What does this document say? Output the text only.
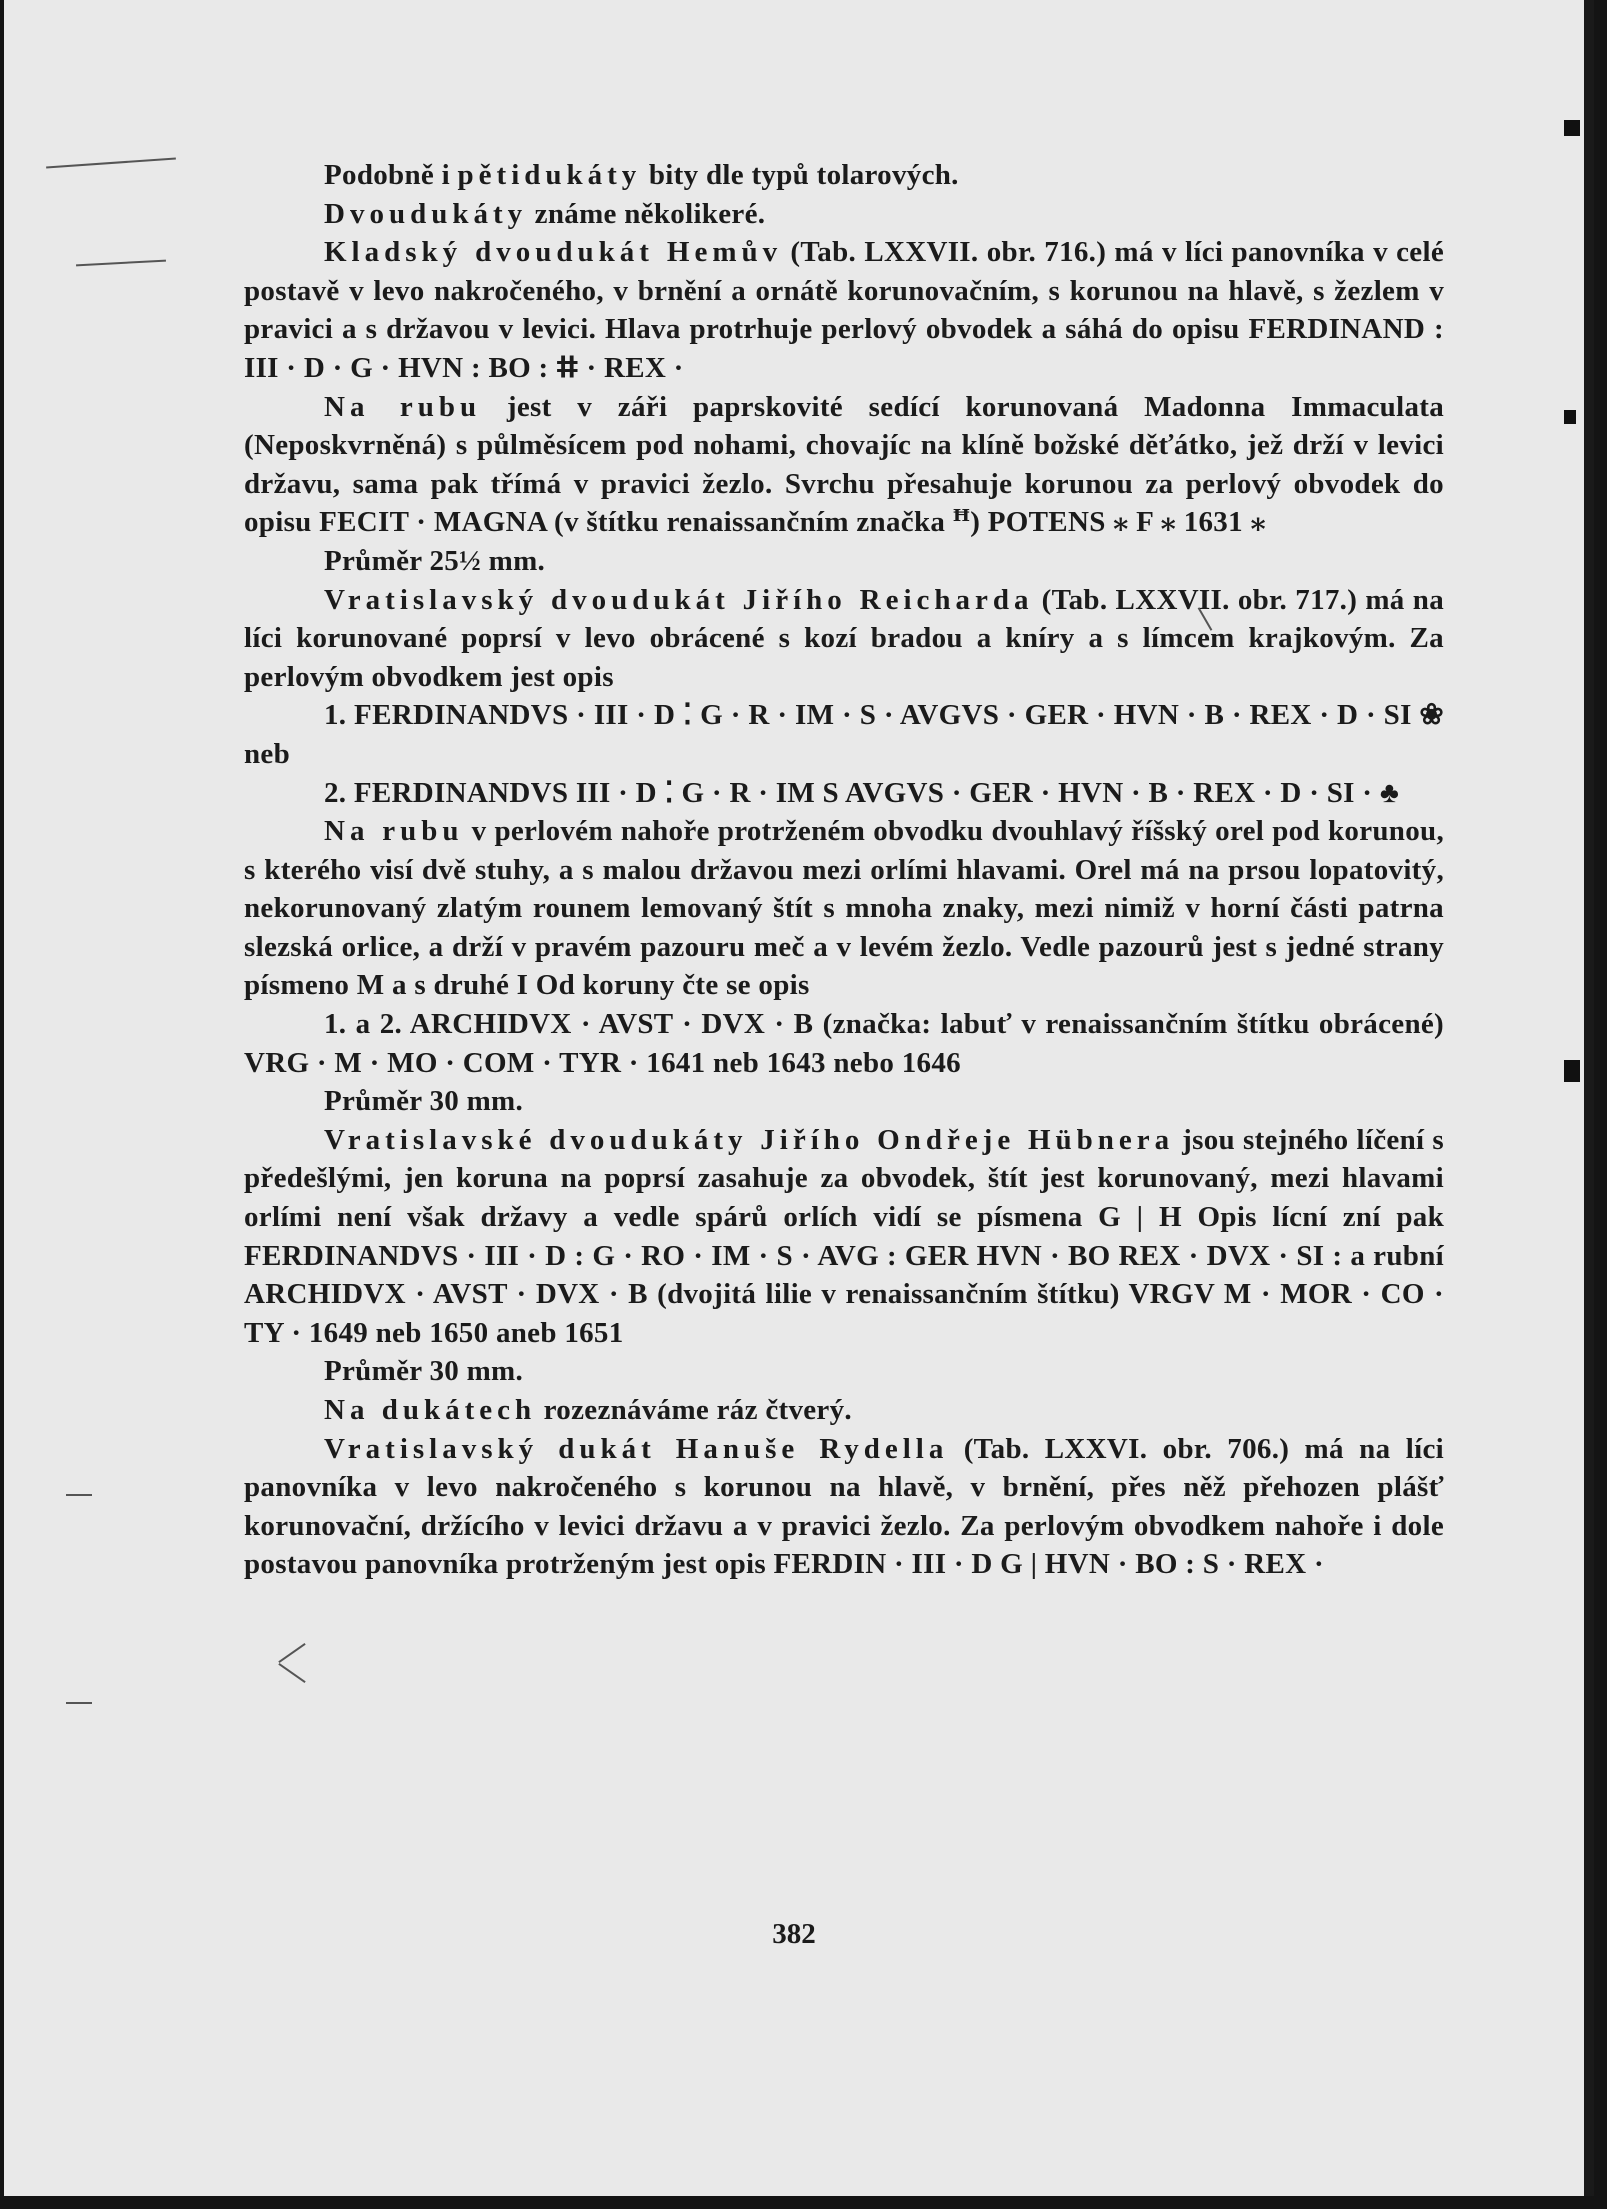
Podobně i pětidukáty bity dle typů tolarových.

Dvoudukáty známe několikeré.

Kladský dvoudukát Hemův (Tab. LXXVII. obr. 716.) má v líci panovníka v celé postavě v levo nakročeného, v brnění a ornátě korunovačním, s korunou na hlavě, s žezlem v pravici a s državou v levici. Hlava protrhuje perlový obvodek a sáhá do opisu FERDINAND : III · D · G · HVN : BO : ⵌ · REX ·

Na rubu jest v záři paprskovité sedící korunovaná Madonna Immaculata (Neposkvrněná) s půlměsícem pod nohami, chovajíc na klíně božské děťátko, jež drží v levici državu, sama pak třímá v pravici žezlo. Svrchu přesahuje korunou za perlový obvodek do opisu FECIT · MAGNA (v štítku renaissančním značka ꟸ) POTENS ⁎ F ⁎ 1631 ⁎

Průměr 25½ mm.

Vratislavský dvoudukát Jiřího Reicharda (Tab. LXXVII. obr. 717.) má na líci korunované poprsí v levo obrácené s kozí bradou a kníry a s límcem krajkovým. Za perlovým obvodkem jest opis

1. FERDINANDVS · III · D ⁚ G · R · IM · S · AVGVS · GER · HVN · B · REX · D · SI ❀ neb

2. FERDINANDVS III · D ⁚ G · R · IM S AVGVS · GER · HVN · B · REX · D · SI · ♣

Na rubu v perlovém nahoře protrženém obvodku dvouhlavý říšský orel pod korunou, s kterého visí dvě stuhy, a s malou državou mezi orlími hlavami. Orel má na prsou lopatovitý, nekorunovaný zlatým rounem lemovaný štít s mnoha znaky, mezi nimiž v horní části patrna slezská orlice, a drží v pravém pazouru meč a v levém žezlo. Vedle pazourů jest s jedné strany písmeno M a s druhé I Od koruny čte se opis

1. a 2. ARCHIDVX · AVST · DVX · B (značka: labuť v renaissančním štítku obrácené) VRG · M · MO · COM · TYR · 1641 neb 1643 nebo 1646

Průměr 30 mm.

Vratislavské dvoudukáty Jiřího Ondřeje Hübnera jsou stejného líčení s předešlými, jen koruna na poprsí zasahuje za obvodek, štít jest korunovaný, mezi hlavami orlími není však državy a vedle spárů orlích vidí se písmena G | H Opis lícní zní pak FERDINANDVS · III · D : G · RO · IM · S · AVG : GER HVN · BO REX · DVX · SI : a rubní ARCHIDVX · AVST · DVX · B (dvojitá lilie v renaissančním štítku) VRGV M · MOR · CO · TY · 1649 neb 1650 aneb 1651

Průměr 30 mm.

Na dukátech rozeznáváme ráz čtverý.

Vratislavský dukát Hanuše Rydella (Tab. LXXVI. obr. 706.) má na líci panovníka v levo nakročeného s korunou na hlavě, v brnění, přes něž přehozen plášť korunovační, držícího v levici državu a v pravici žezlo. Za perlovým obvodkem nahoře i dole postavou panovníka protrženým jest opis FERDIN · III · D G | HVN · BO : S · REX ·

382
